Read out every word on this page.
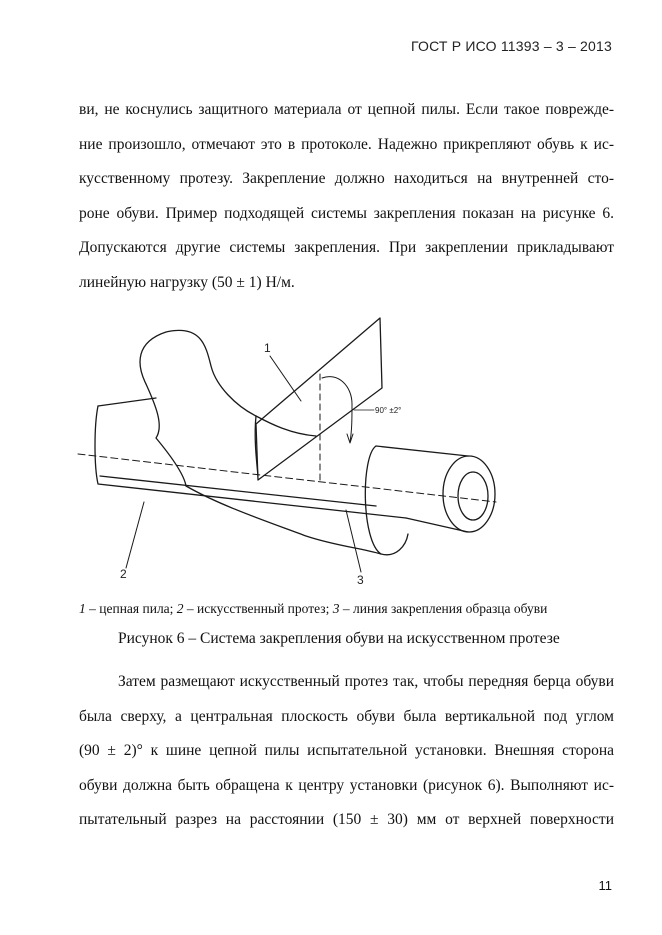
ГОСТ Р ИСО 11393 – 3 – 2013
ви, не коснулись защитного материала от цепной пилы. Если такое поврежде-
ние произошло, отмечают это в протоколе. Надежно прикрепляют обувь к ис-
кусственному протезу. Закрепление должно находиться на внутренней сто-
роне обуви. Пример подходящей системы закрепления показан на рисунке 6.
Допускаются другие системы закрепления. При закреплении прикладывают
линейную нагрузку (50 ± 1) Н/м.
1
2	3
90° ±2°
1 – цепная пила; 2 – искусственный протез; 3 – линия закрепления образца обуви
Рисунок 6 – Система закрепления обуви на искусственном протезе
Затем размещают искусственный протез так, чтобы передняя берца обуви
была сверху, а центральная плоскость обуви была вертикальной под углом
(90 ± 2)° к шине цепной пилы испытательной установки. Внешняя сторона
обуви должна быть обращена к центру установки (рисунок 6). Выполняют ис-
пытательный разрез на расстоянии (150 ± 30) мм от верхней поверхности
11
